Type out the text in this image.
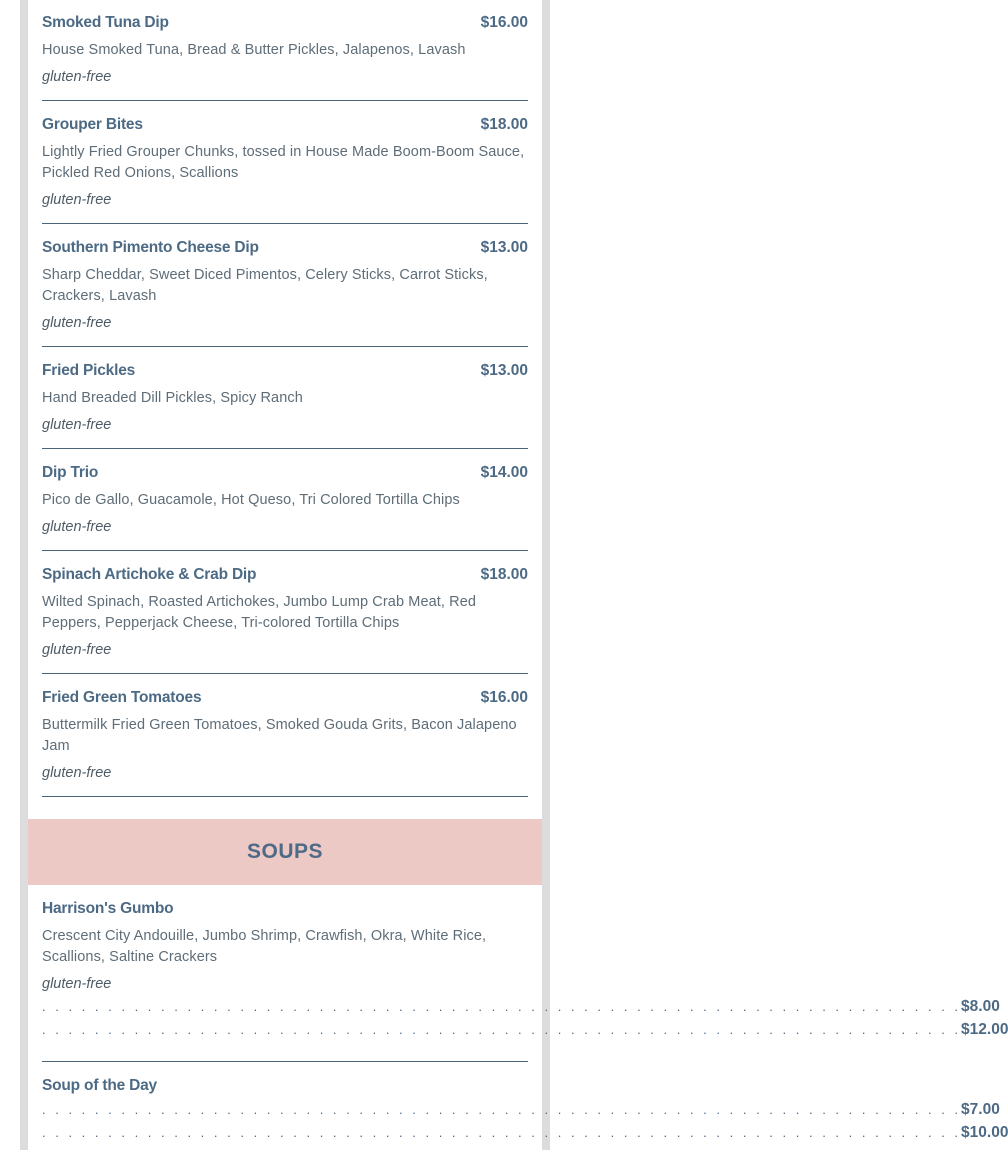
Smoked Tuna Dip	$16.00
House Smoked Tuna, Bread & Butter Pickles, Jalapenos, Lavash
gluten-free
Grouper Bites	$18.00
Lightly Fried Grouper Chunks, tossed in House Made Boom-Boom Sauce, Pickled Red Onions, Scallions
gluten-free
Southern Pimento Cheese Dip	$13.00
Sharp Cheddar, Sweet Diced Pimentos, Celery Sticks, Carrot Sticks, Crackers, Lavash
gluten-free
Fried Pickles	$13.00
Hand Breaded Dill Pickles, Spicy Ranch
gluten-free
Dip Trio	$14.00
Pico de Gallo, Guacamole, Hot Queso, Tri Colored Tortilla Chips
gluten-free
Spinach Artichoke & Crab Dip	$18.00
Wilted Spinach, Roasted Artichokes, Jumbo Lump Crab Meat, Red Peppers, Pepperjack Cheese, Tri-colored Tortilla Chips
gluten-free
Fried Green Tomatoes	$16.00
Buttermilk Fried Green Tomatoes, Smoked Gouda Grits, Bacon Jalapeno Jam
gluten-free
SOUPS
Harrison's Gumbo
Crescent City Andouille, Jumbo Shrimp, Crawfish, Okra, White Rice, Scallions, Saltine Crackers
gluten-free
. . . . . . . . . . . . . . . . . . . . . . . . . . . . . . . . . . . . . . . . . . . . . . . . . . . . . . . . . . . . . . . . . . . . . . $8.00
. . . . . . . . . . . . . . . . . . . . . . . . . . . . . . . . . . . . . . . . . . . . . . . . . . . . . . . . . . . . . . . . . . . . . . $12.00
Soup of the Day
. . . . . . . . . . . . . . . . . . . . . . . . . . . . . . . . . . . . . . . . . . . . . . . . . . . . . . . . . . . . . . . . . . . . . . $7.00
. . . . . . . . . . . . . . . . . . . . . . . . . . . . . . . . . . . . . . . . . . . . . . . . . . . . . . . . . . . . . . . . . . . . . . $10.00
